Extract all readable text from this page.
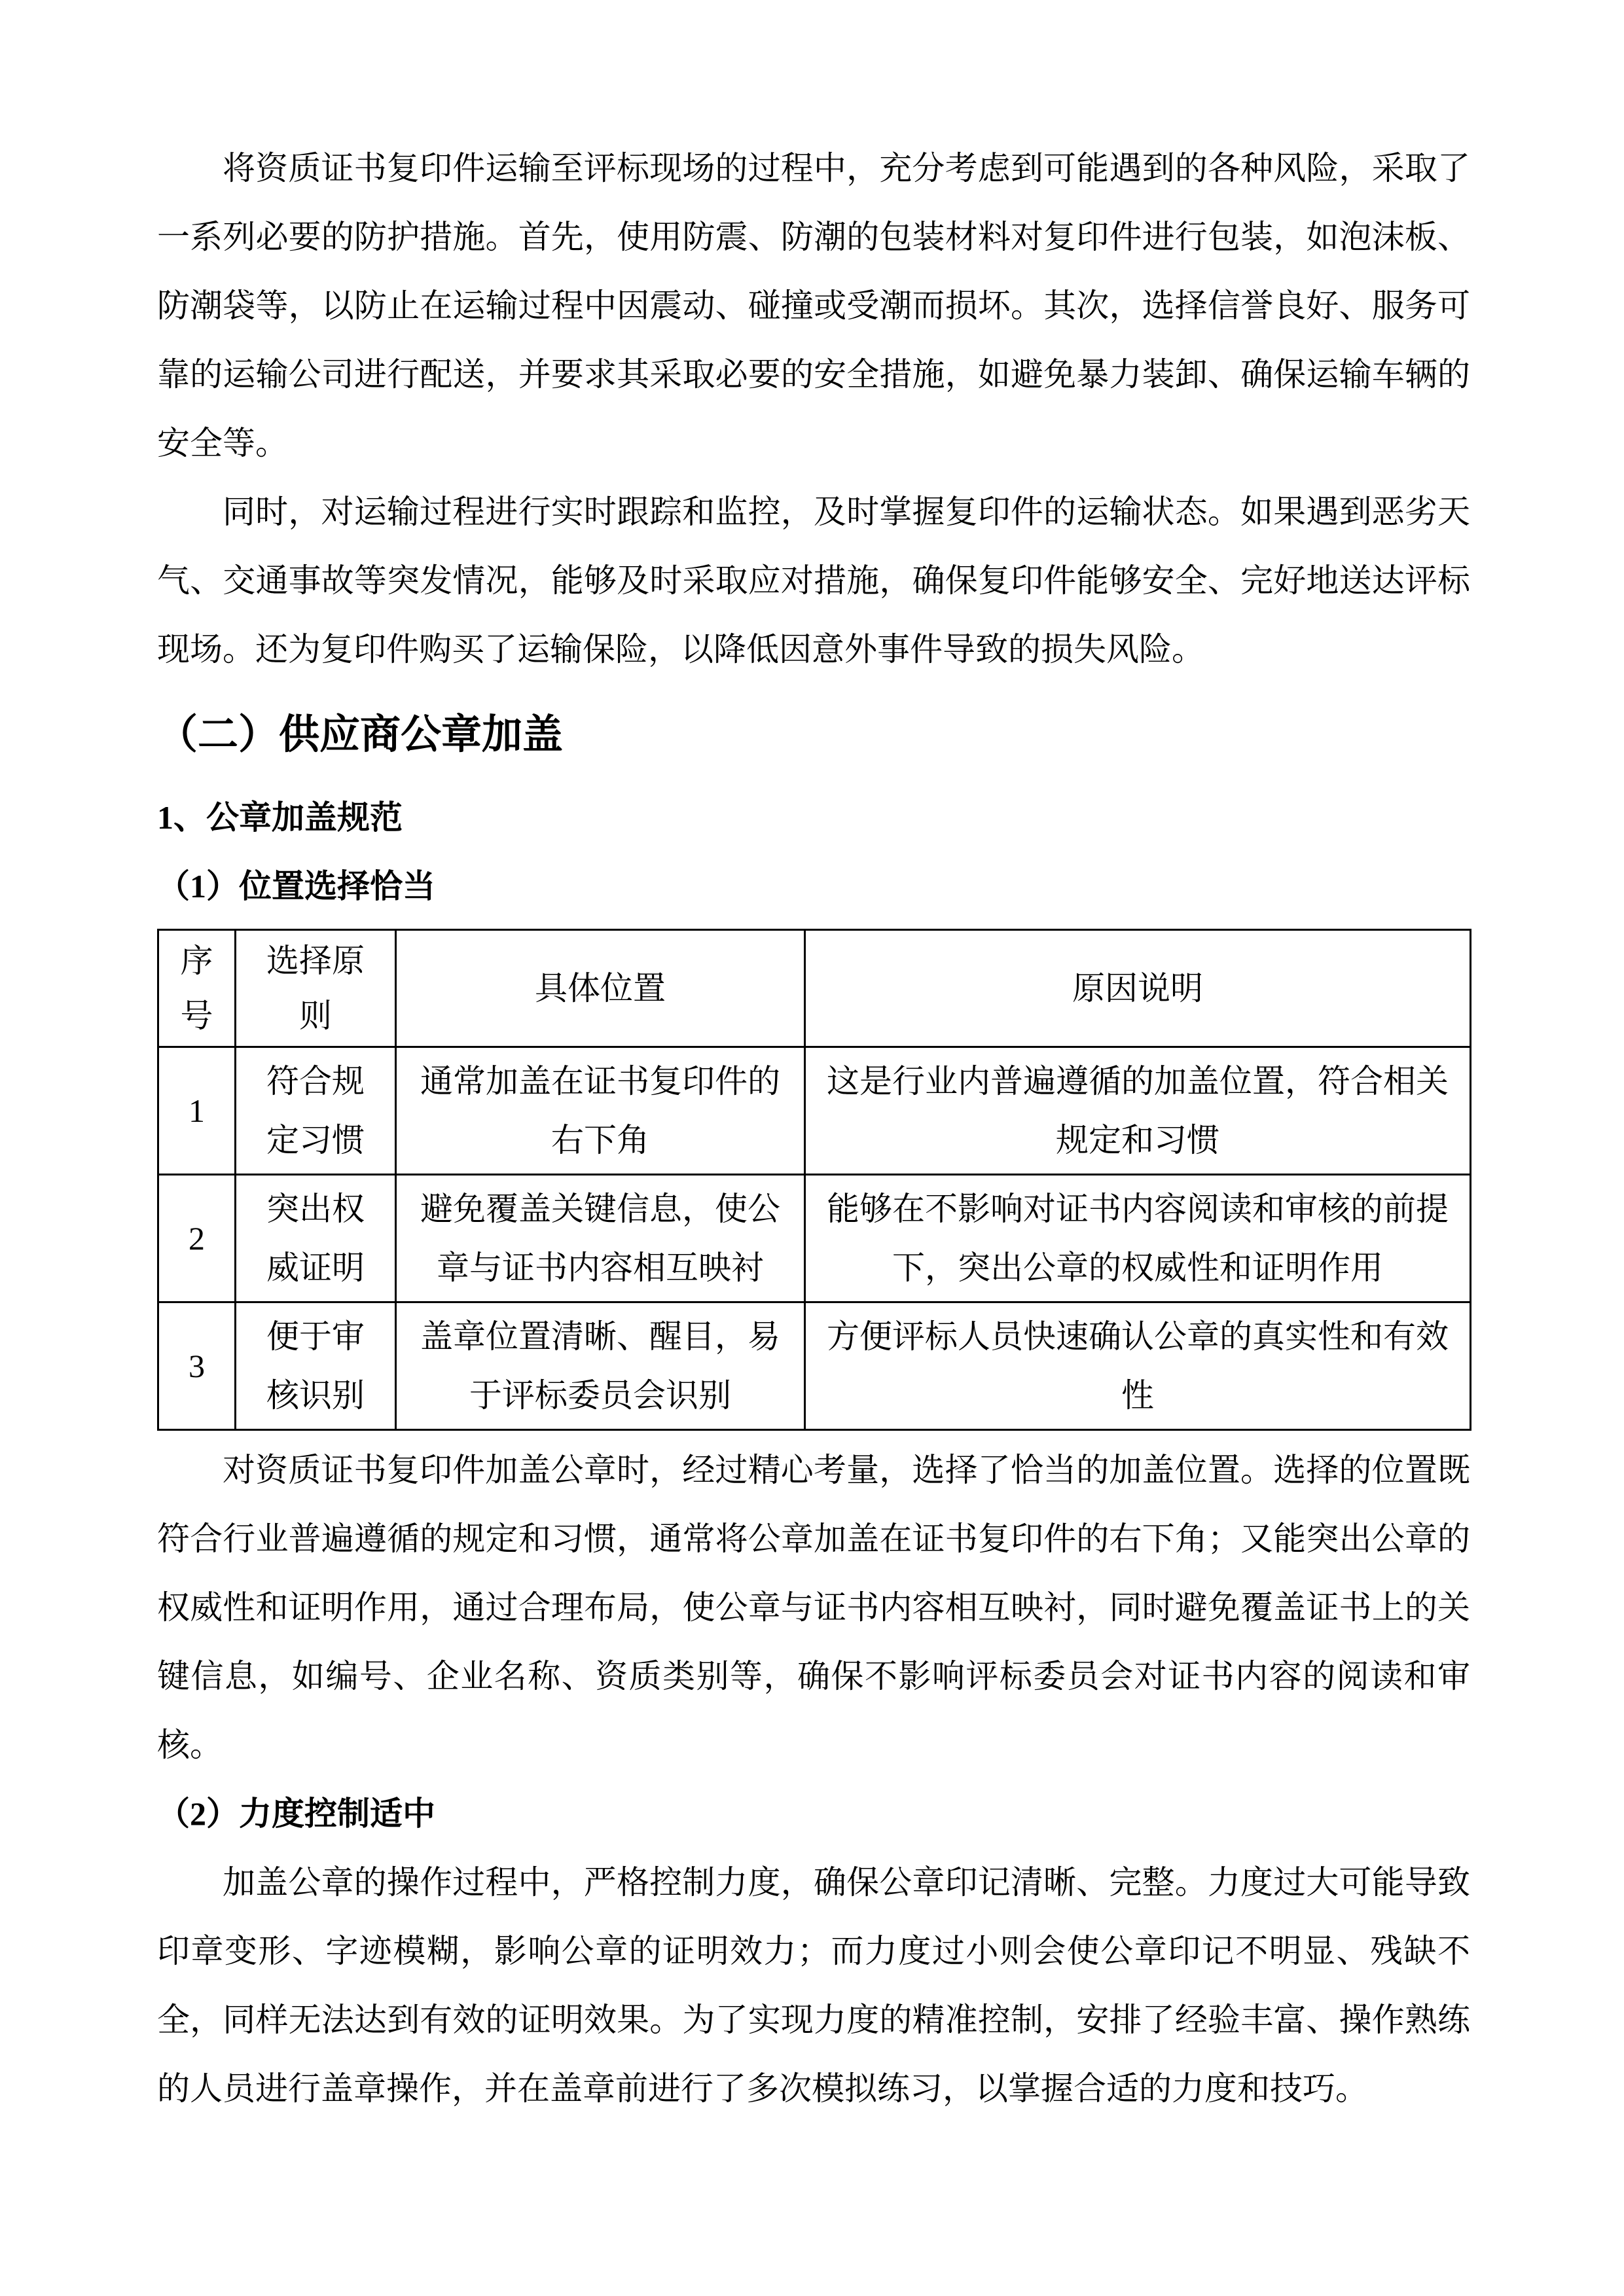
将资质证书复印件运输至评标现场的过程中，充分考虑到可能遇到的各种风险，采取了一系列必要的防护措施。首先，使用防震、防潮的包装材料对复印件进行包装，如泡沫板、防潮袋等，以防止在运输过程中因震动、碰撞或受潮而损坏。其次，选择信誉良好、服务可靠的运输公司进行配送，并要求其采取必要的安全措施，如避免暴力装卸、确保运输车辆的安全等。

同时，对运输过程进行实时跟踪和监控，及时掌握复印件的运输状态。如果遇到恶劣天气、交通事故等突发情况，能够及时采取应对措施，确保复印件能够安全、完好地送达评标现场。还为复印件购买了运输保险，以降低因意外事件导致的损失风险。

（二）供应商公章加盖
1、公章加盖规范
（1）位置选择恰当
序号	选择原则	具体位置	原因说明
1	符合规定习惯	通常加盖在证书复印件的右下角	这是行业内普遍遵循的加盖位置，符合相关规定和习惯
2	突出权威证明	避免覆盖关键信息，使公章与证书内容相互映衬	能够在不影响对证书内容阅读和审核的前提下，突出公章的权威性和证明作用
3	便于审核识别	盖章位置清晰、醒目，易于评标委员会识别	方便评标人员快速确认公章的真实性和有效性

对资质证书复印件加盖公章时，经过精心考量，选择了恰当的加盖位置。选择的位置既符合行业普遍遵循的规定和习惯，通常将公章加盖在证书复印件的右下角；又能突出公章的权威性和证明作用，通过合理布局，使公章与证书内容相互映衬，同时避免覆盖证书上的关键信息，如编号、企业名称、资质类别等，确保不影响评标委员会对证书内容的阅读和审核。

（2）力度控制适中

加盖公章的操作过程中，严格控制力度，确保公章印记清晰、完整。力度过大可能导致印章变形、字迹模糊，影响公章的证明效力；而力度过小则会使公章印记不明显、残缺不全，同样无法达到有效的证明效果。为了实现力度的精准控制，安排了经验丰富、操作熟练的人员进行盖章操作，并在盖章前进行了多次模拟练习，以掌握合适的力度和技巧。
